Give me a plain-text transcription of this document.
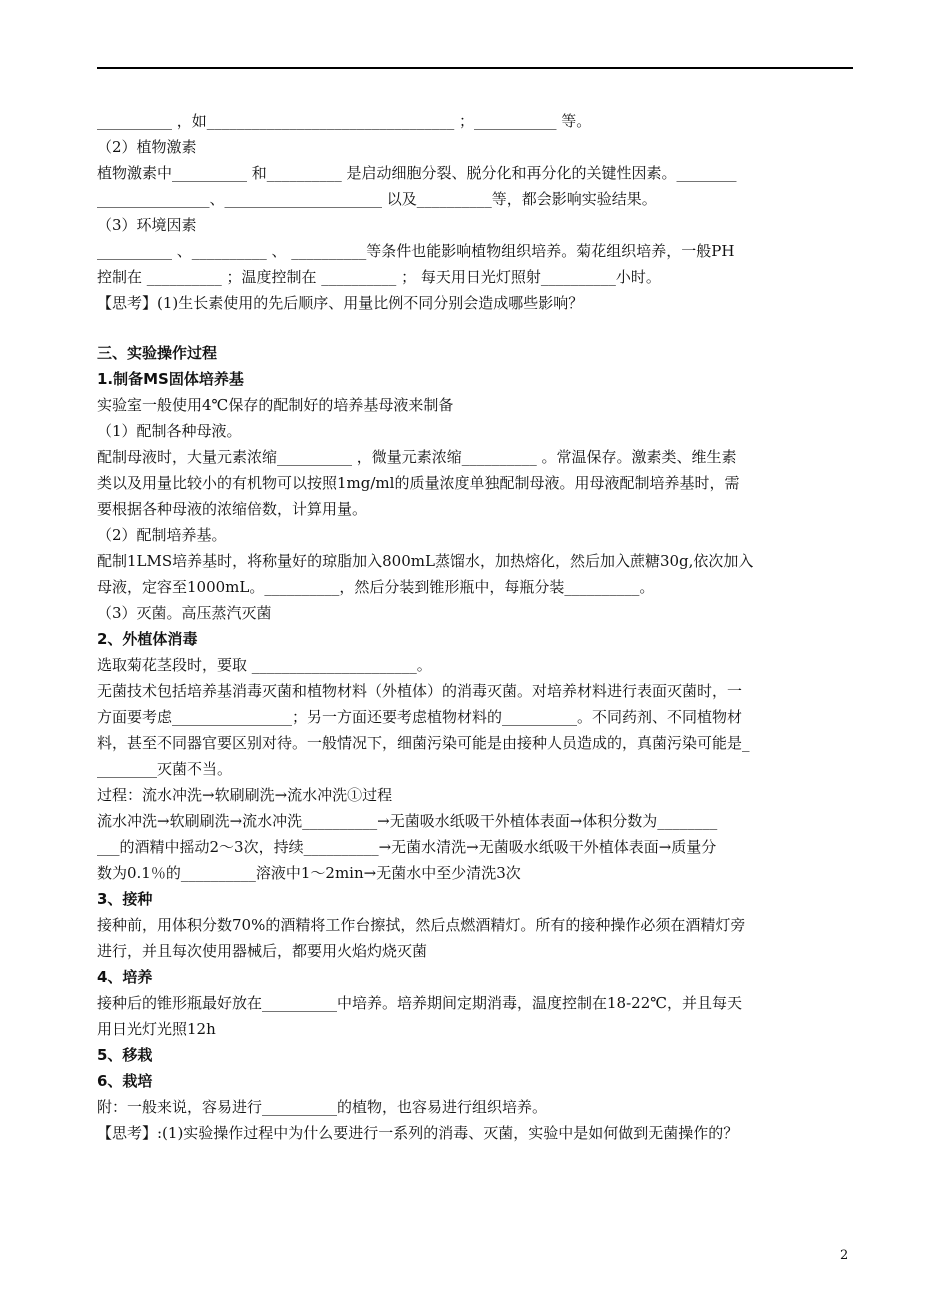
__________ ，如_________________________________ ；___________ 等。
（2）植物激素
植物激素中__________ 和__________ 是启动细胞分裂、脱分化和再分化的关键性因素。________
_______________、_____________________ 以及__________等，都会影响实验结果。
（3）环境因素
__________ 、__________ 、 __________等条件也能影响植物组织培养。菊花组织培养，一般PH
控制在 __________ ；温度控制在 __________ ； 每天用日光灯照射__________小时。
【思考】(1)生长素使用的先后顺序、用量比例不同分别会造成哪些影响？
三、实验操作过程
1.制备MS固体培养基
实验室一般使用4℃保存的配制好的培养基母液来制备
（1）配制各种母液。
配制母液时，大量元素浓缩__________ ，微量元素浓缩__________ 。常温保存。激素类、维生素
类以及用量比较小的有机物可以按照1mg/ml的质量浓度单独配制母液。用母液配制培养基时，需
要根据各种母液的浓缩倍数，计算用量。
（2）配制培养基。
配制1LMS培养基时，将称量好的琼脂加入800mL蒸馏水，加热熔化，然后加入蔗糖30g,依次加入
母液，定容至1000mL。__________，然后分装到锥形瓶中，每瓶分装__________。
（3）灭菌。高压蒸汽灭菌
2、外植体消毒
选取菊花茎段时，要取 ______________________。
无菌技术包括培养基消毒灭菌和植物材料（外植体）的消毒灭菌。对培养材料进行表面灭菌时，一
方面要考虑________________；另一方面还要考虑植物材料的__________。不同药剂、不同植物材
料，甚至不同器官要区别对待。一般情况下，细菌污染可能是由接种人员造成的，真菌污染可能是_
________灭菌不当。
过程：流水冲洗→软刷刷洗→流水冲洗①过程
流水冲洗→软刷刷洗→流水冲洗__________→无菌吸水纸吸干外植体表面→体积分数为________
___的酒精中摇动2～3次，持续__________→无菌水清洗→无菌吸水纸吸干外植体表面→质量分
数为0.1％的__________溶液中1～2min→无菌水中至少清洗3次
3、接种
接种前，用体积分数70%的酒精将工作台擦拭，然后点燃酒精灯。所有的接种操作必须在酒精灯旁
进行，并且每次使用器械后，都要用火焰灼烧灭菌
4、培养
接种后的锥形瓶最好放在__________中培养。培养期间定期消毒，温度控制在18-22℃，并且每天
用日光灯光照12h
5、移栽
6、栽培
附：一般来说，容易进行__________的植物，也容易进行组织培养。
【思考】:(1)实验操作过程中为什么要进行一系列的消毒、灭菌，实验中是如何做到无菌操作的？
2
